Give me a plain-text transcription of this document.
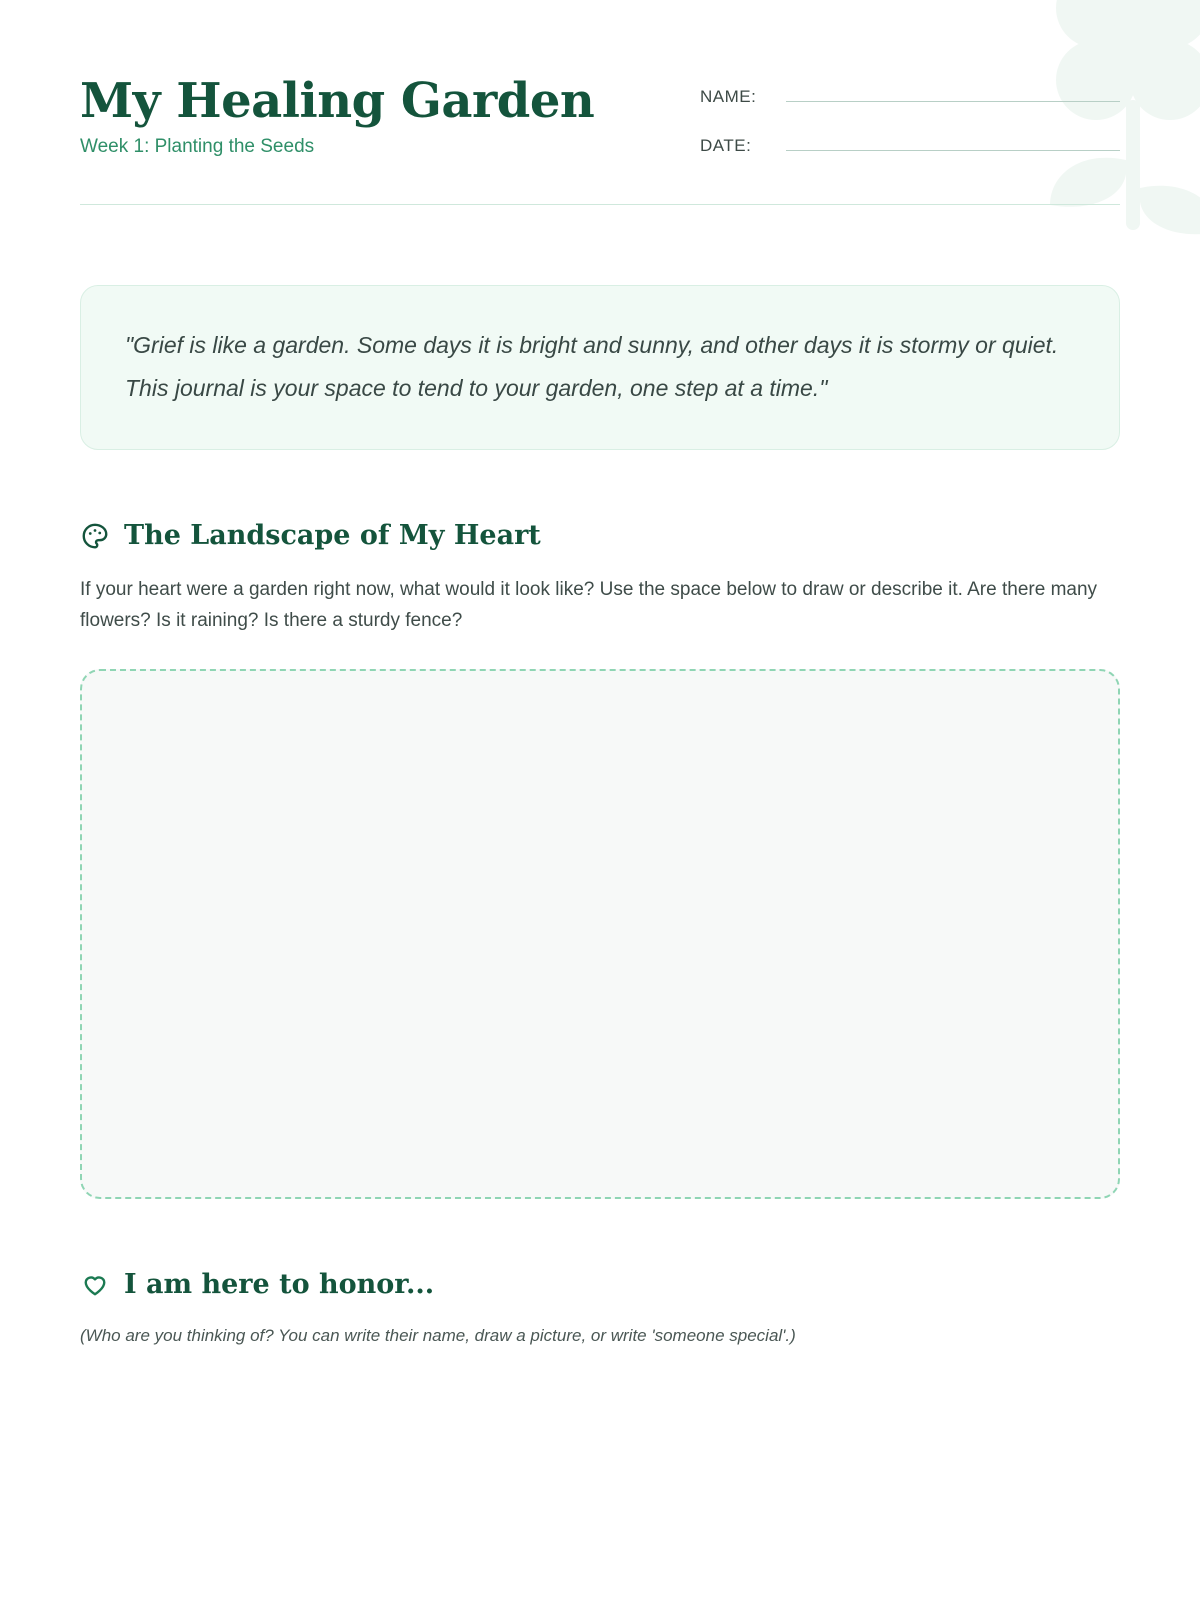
My Healing Garden

Week 1: Planting the Seeds

NAME:
DATE:

"Grief is like a garden. Some days it is bright and sunny, and other days it is stormy or quiet. This journal is your space to tend to your garden, one step at a time."

The Landscape of My Heart

If your heart were a garden right now, what would it look like? Use the space below to draw or describe it. Are there many flowers? Is it raining? Is there a sturdy fence?

I am here to honor...

(Who are you thinking of? You can write their name, draw a picture, or write 'someone special'.)
